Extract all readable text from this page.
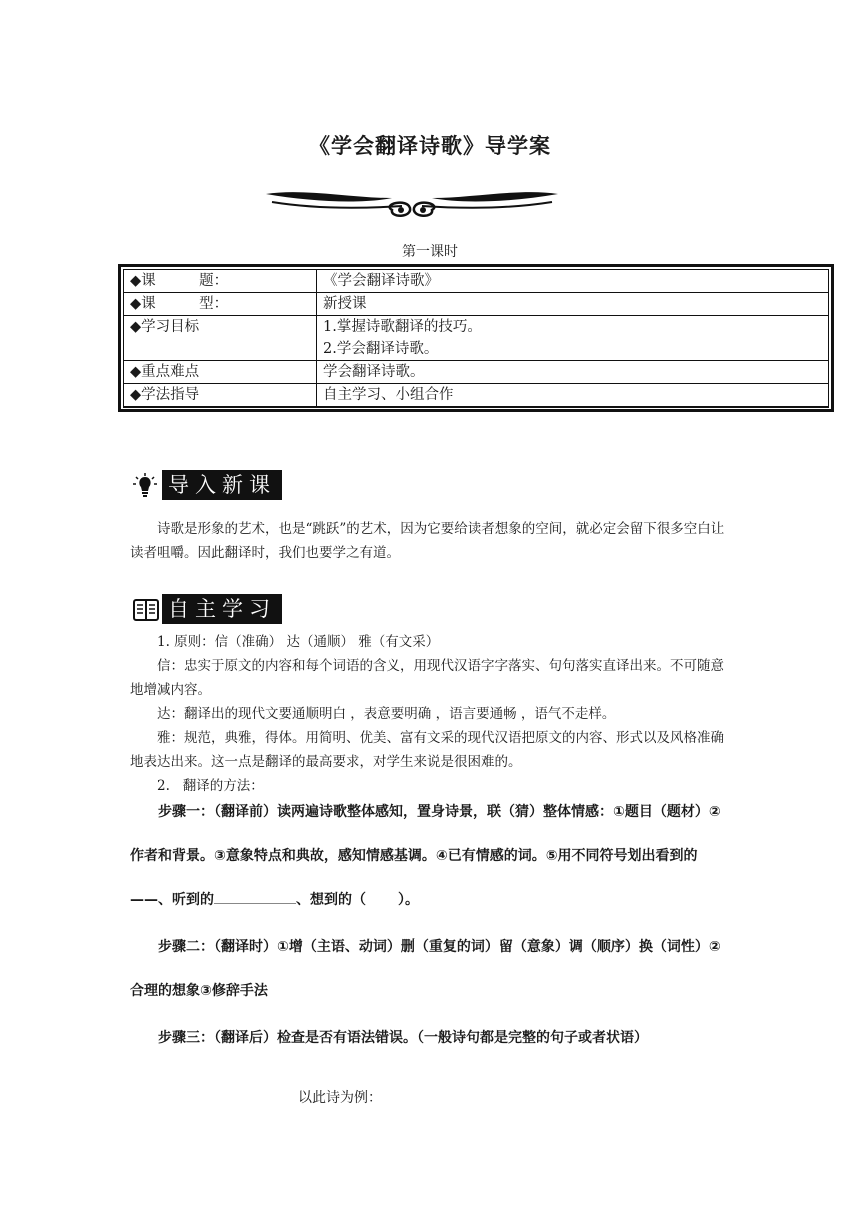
《学会翻译诗歌》导学案
第一课时
◆课　　　题：	《学会翻译诗歌》
◆课　　　型：	新授课
◆学习目标	1.掌握诗歌翻译的技巧。
2.学会翻译诗歌。

◆重点难点	学会翻译诗歌。
◆学法指导	自主学习、小组合作
导入新课
诗歌是形象的艺术，也是“跳跃”的艺术，因为它要给读者想象的空间，就必定会留下很多空白让读者咀嚼。因此翻译时，我们也要学之有道。
自主学习
1. 原则：信（准确） 达（通顺） 雅（有文采）
信：忠实于原文的内容和每个词语的含义，用现代汉语字字落实、句句落实直译出来。不可随意地增减内容。
达：翻译出的现代文要通顺明白 ，表意要明确 ，语言要通畅 ，语气不走样。
雅：规范，典雅，得体。用简明、优美、富有文采的现代汉语把原文的内容、形式以及风格准确地表达出来。这一点是翻译的最高要求，对学生来说是很困难的。
2.   翻译的方法：
步骤一：（翻译前）读两遍诗歌整体感知，置身诗景，联（猜）整体情感：①题目（题材）②作者和背景。③意象特点和典故，感知情感基调。④已有情感的词。⑤用不同符号划出看到的——、听到的	、想到的（ ）。
步骤二：（翻译时）①增（主语、动词）删（重复的词）留（意象）调（顺序）换（词性）②合理的想象③修辞手法
步骤三：（翻译后）检查是否有语法错误。（一般诗句都是完整的句子或者状语）
以此诗为例：
